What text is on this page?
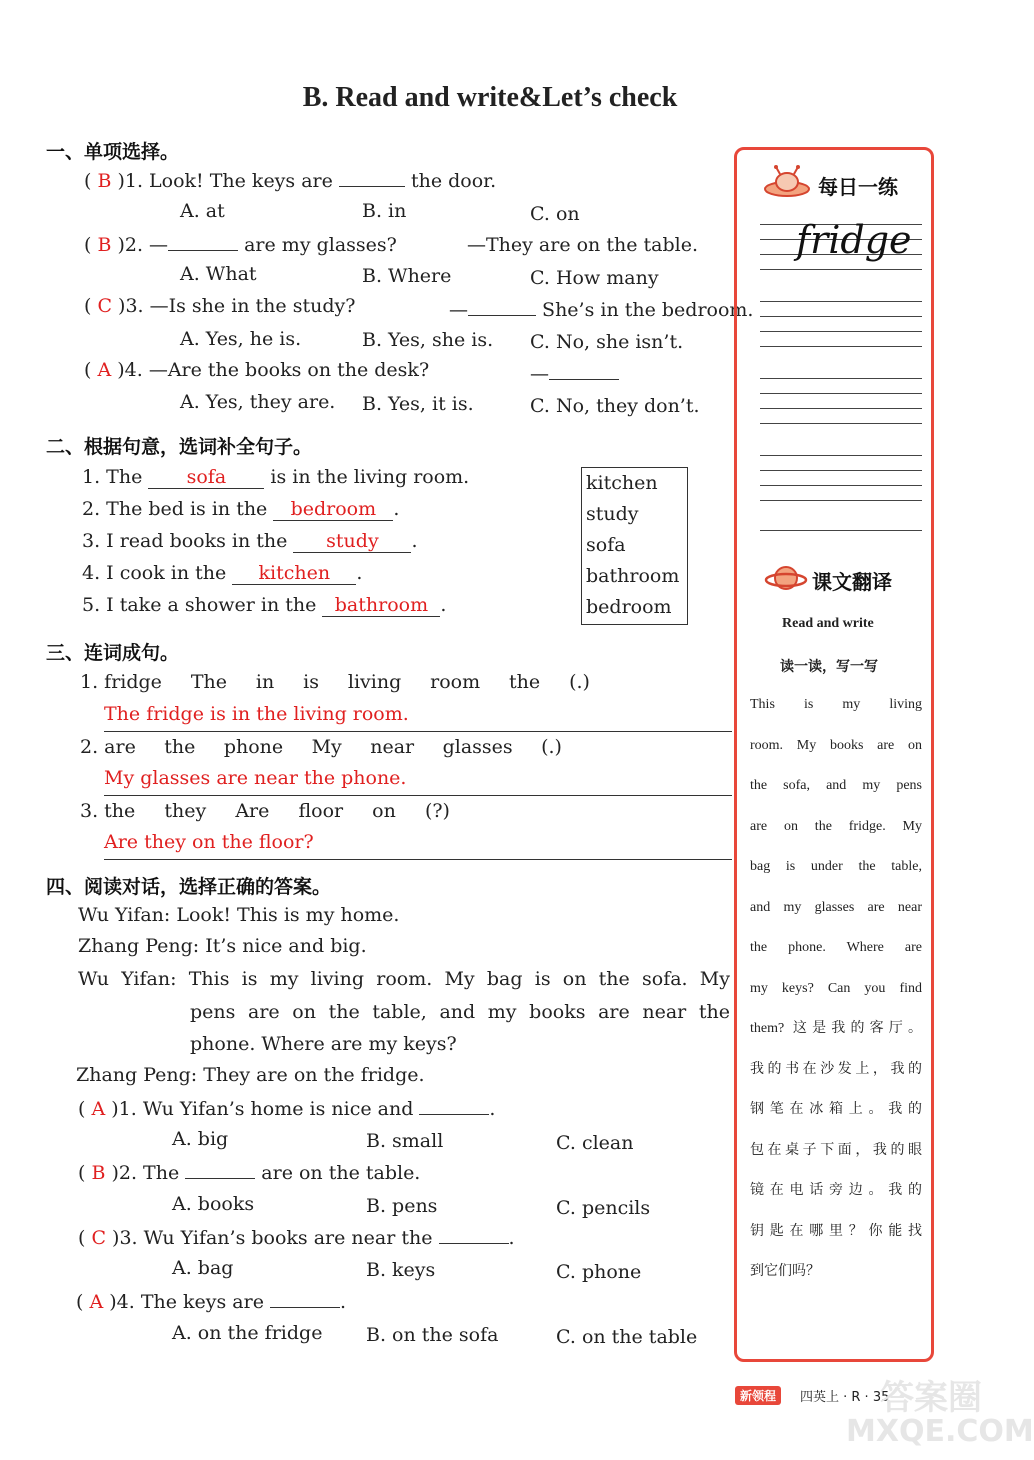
B. Read and write&Let’s check
一、单项选择。
( B )1. Look! The keys are	the door.
A. at	B. in	C. on
( B )2. —	are my glasses?	—They are on the table.
A. What	B. Where	C. How many
( C )3. —Is she in the study?	—	She’s in the bedroom.
A. Yes, he is.	B. Yes, she is. C. No, she isn’t.
( A )4. —Are the books on the desk?	—
A. Yes, they are. B. Yes, it is.	C. No, they don’t.
二、根据句意，选词补全句子。
1. The sofa is in the living room.
2. The bed is in the bedroom .
3. I read books in the study .
4. I cook in the kitchen .
5. I take a shower in the bathroom .
kitchen
study
sofa
bathroom
bedroom
三、连词成句。
1. fridge The in is living room the (.)
The fridge is in the living room.
2. are the phone My near glasses (.)
My glasses are near the phone.
3. the they Are floor on (?)
Are they on the floor?
四、阅读对话，选择正确的答案。
Wu Yifan: Look! This is my home.
Zhang Peng: It’s nice and big.
Wu Yifan: This is my living room. My bag is on the sofa. My
pens are on the table, and my books are near the
phone. Where are my keys?
Zhang Peng: They are on the fridge.
( A )1. Wu Yifan’s home is nice and	.
A. big	B. small	C. clean
( B )2. The	are on the table.
A. books	B. pens	C. pencils
( C )3. Wu Yifan’s books are near the	.
A. bag	B. keys	C. phone
( A )4. The keys are	.
A. on the fridge B. on the sofa	C. on the table
每日一练
fridge
课文翻译
Read and write
读一读，写一写
This is my living
room. My books are on
the sofa, and my pens
are on the fridge. My
bag is under the table,
and my glasses are near
the phone. Where are
my keys? Can you find
them? 这是我的客厅。
我的书在沙发上，我的
钢笔在冰箱上。我的
包在桌子下面，我的眼
镜在电话旁边。我的
钥匙在哪里？你能找
到它们吗？
新领程	四英上 · R · 35
答案圈
MXQE.COM
